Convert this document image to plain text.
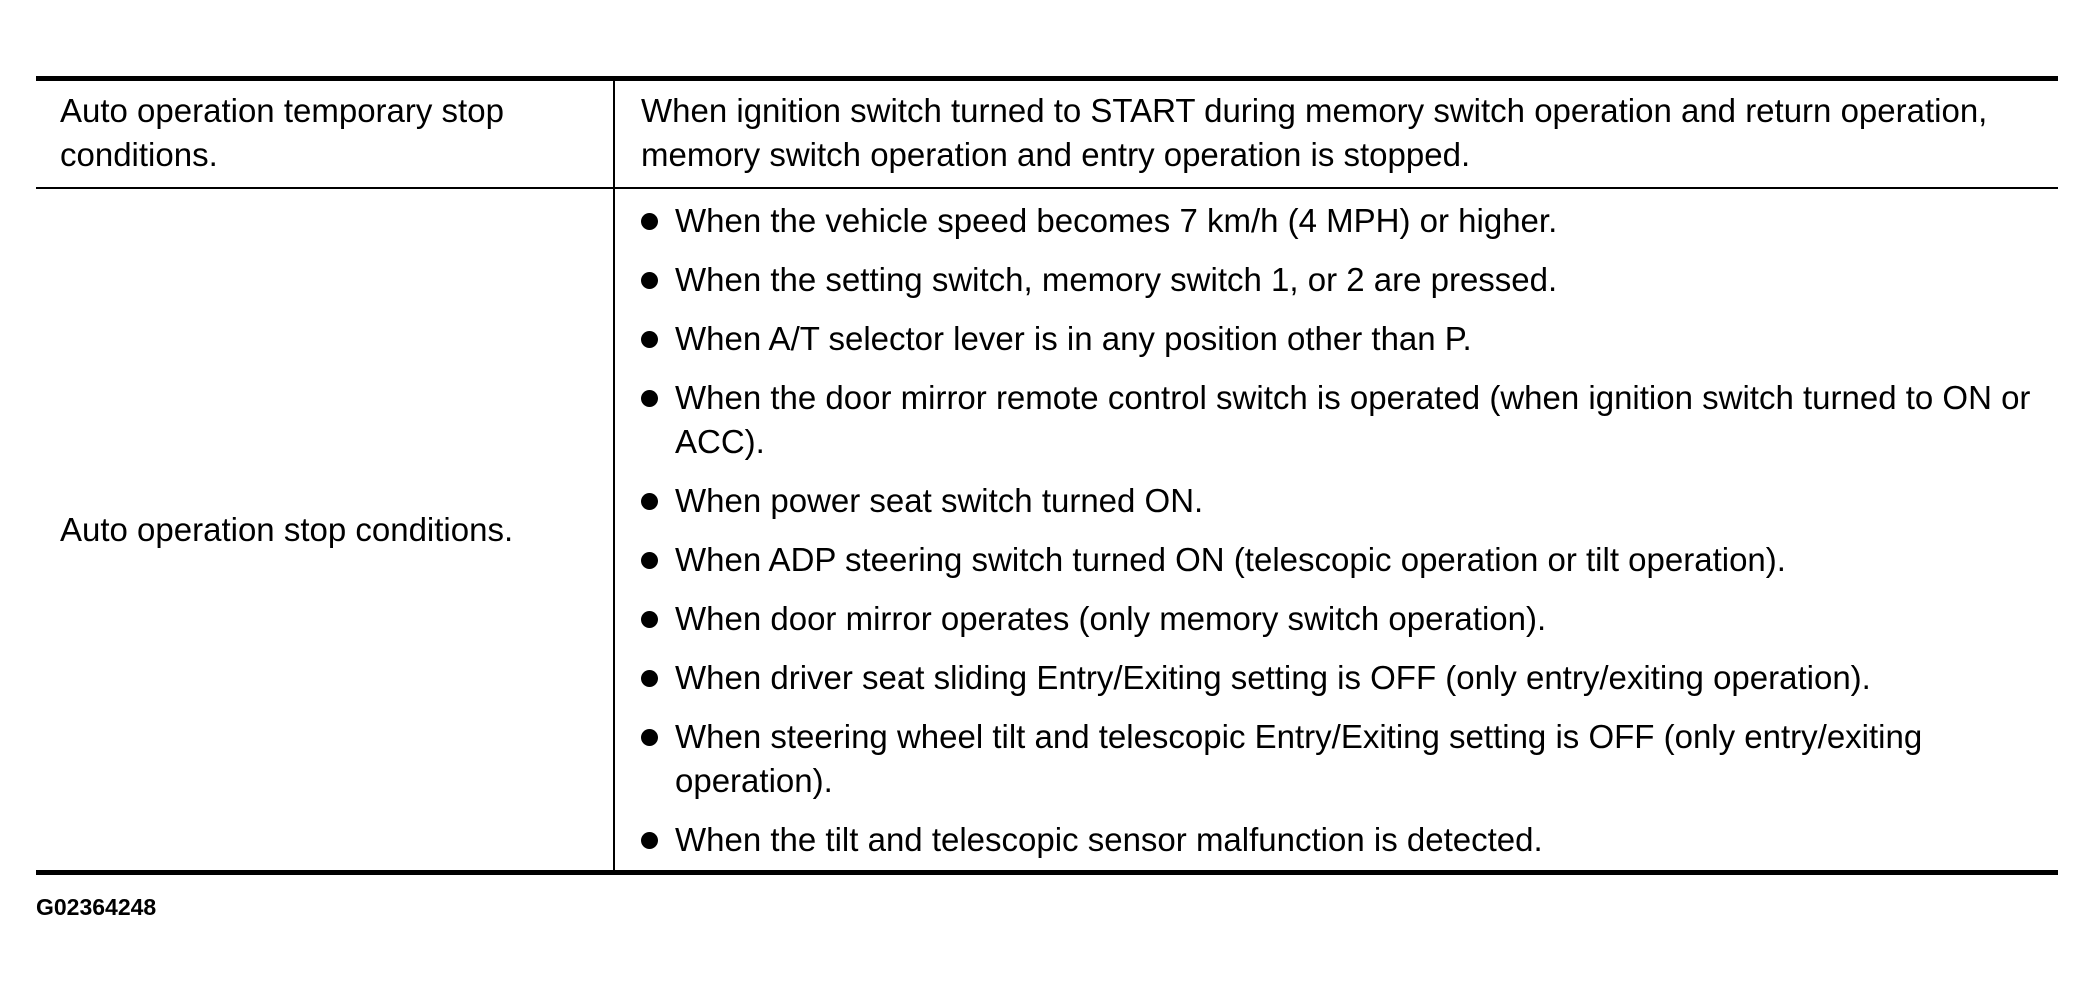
Auto operation temporary stop conditions.
When ignition switch turned to START during memory switch operation and return operation, memory switch operation and entry operation is stopped.
Auto operation stop conditions.
When the vehicle speed becomes 7 km/h (4 MPH) or higher.
When the setting switch, memory switch 1, or 2 are pressed.
When A/T selector lever is in any position other than P.
When the door mirror remote control switch is operated (when ignition switch turned to ON or ACC).
When power seat switch turned ON.
When ADP steering switch turned ON (telescopic operation or tilt operation).
When door mirror operates (only memory switch operation).
When driver seat sliding Entry/Exiting setting is OFF (only entry/exiting operation).
When steering wheel tilt and telescopic Entry/Exiting setting is OFF (only entry/exiting operation).
When the tilt and telescopic sensor malfunction is detected.
G02364248
